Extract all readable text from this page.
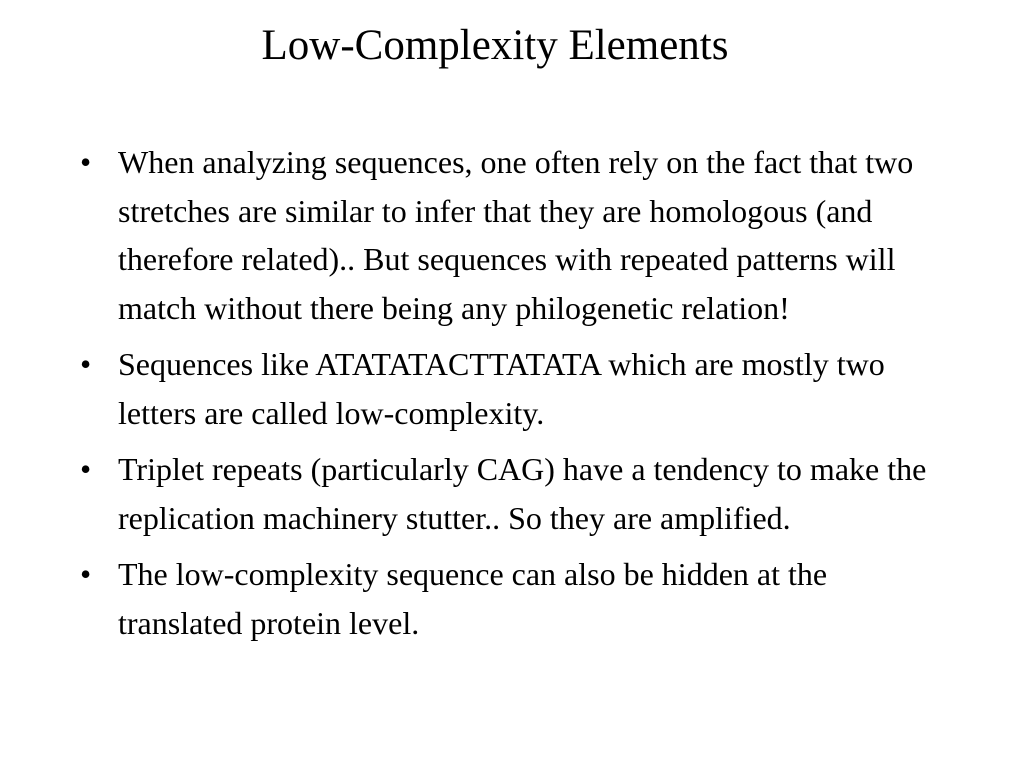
Low-Complexity Elements
• When analyzing sequences, one often rely on the fact that two stretches are similar to infer that they are homologous (and therefore related).. But sequences with repeated patterns will match without there being any philogenetic relation!
• Sequences like ATATATACTTATATA which are mostly two letters are called low-complexity.
• Triplet repeats (particularly CAG) have a tendency to make the replication machinery stutter.. So they are amplified.
• The low-complexity sequence can also be hidden at the translated protein level.
